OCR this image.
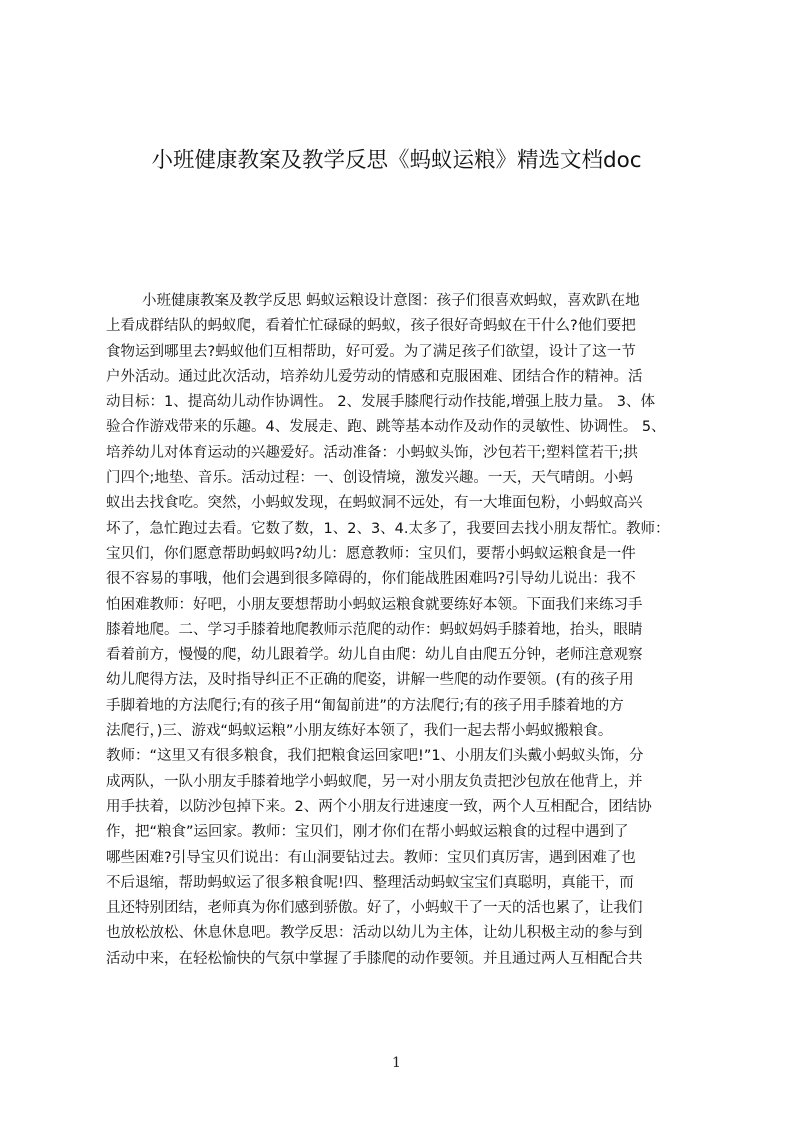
小班健康教案及教学反思《蚂蚁运粮》精选文档doc
小班健康教案及教学反思 蚂蚁运粮设计意图：孩子们很喜欢蚂蚁，喜欢趴在地
上看成群结队的蚂蚁爬，看着忙忙碌碌的蚂蚁，孩子很好奇蚂蚁在干什么?他们要把
食物运到哪里去?蚂蚁他们互相帮助，好可爱。为了满足孩子们欲望，设计了这一节
户外活动。通过此次活动，培养幼儿爱劳动的情感和克服困难、团结合作的精神。活
动目标：1、提高幼儿动作协调性。 2、发展手膝爬行动作技能,增强上肢力量。 3、体
验合作游戏带来的乐趣。4、发展走、跑、跳等基本动作及动作的灵敏性、协调性。 5、
培养幼儿对体育运动的兴趣爱好。活动准备：小蚂蚁头饰，沙包若干;塑料筐若干;拱
门四个;地垫、音乐。活动过程：一、创设情境，激发兴趣。一天，天气晴朗。小蚂
蚁出去找食吃。突然，小蚂蚁发现，在蚂蚁洞不远处，有一大堆面包粉，小蚂蚁高兴
坏了，急忙跑过去看。它数了数，1、2、3、4.太多了，我要回去找小朋友帮忙。教师：
宝贝们，你们愿意帮助蚂蚁吗?幼儿：愿意教师：宝贝们，要帮小蚂蚁运粮食是一件
很不容易的事哦，他们会遇到很多障碍的，你们能战胜困难吗?引导幼儿说出：我不
怕困难教师：好吧，小朋友要想帮助小蚂蚁运粮食就要练好本领。下面我们来练习手
膝着地爬。二、学习手膝着地爬教师示范爬的动作：蚂蚁妈妈手膝着地，抬头，眼睛
看着前方，慢慢的爬，幼儿跟着学。幼儿自由爬：幼儿自由爬五分钟，老师注意观察
幼儿爬得方法，及时指导纠正不正确的爬姿，讲解一些爬的动作要领。(有的孩子用
手脚着地的方法爬行;有的孩子用“匍匐前进”的方法爬行;有的孩子用手膝着地的方
法爬行，)三、游戏“蚂蚁运粮”小朋友练好本领了，我们一起去帮小蚂蚁搬粮食。
教师：“这里又有很多粮食，我们把粮食运回家吧!”1、小朋友们头戴小蚂蚁头饰，分
成两队，一队小朋友手膝着地学小蚂蚁爬，另一对小朋友负责把沙包放在他背上，并
用手扶着，以防沙包掉下来。2、两个小朋友行进速度一致，两个人互相配合，团结协
作，把“粮食”运回家。教师：宝贝们，刚才你们在帮小蚂蚁运粮食的过程中遇到了
哪些困难?引导宝贝们说出：有山洞要钻过去。教师：宝贝们真厉害，遇到困难了也
不后退缩，帮助蚂蚁运了很多粮食呢!四、整理活动蚂蚁宝宝们真聪明，真能干，而
且还特别团结，老师真为你们感到骄傲。好了，小蚂蚁干了一天的活也累了，让我们
也放松放松、休息休息吧。教学反思：活动以幼儿为主体，让幼儿积极主动的参与到
活动中来，在轻松愉快的气氛中掌握了手膝爬的动作要领。并且通过两人互相配合共
1
